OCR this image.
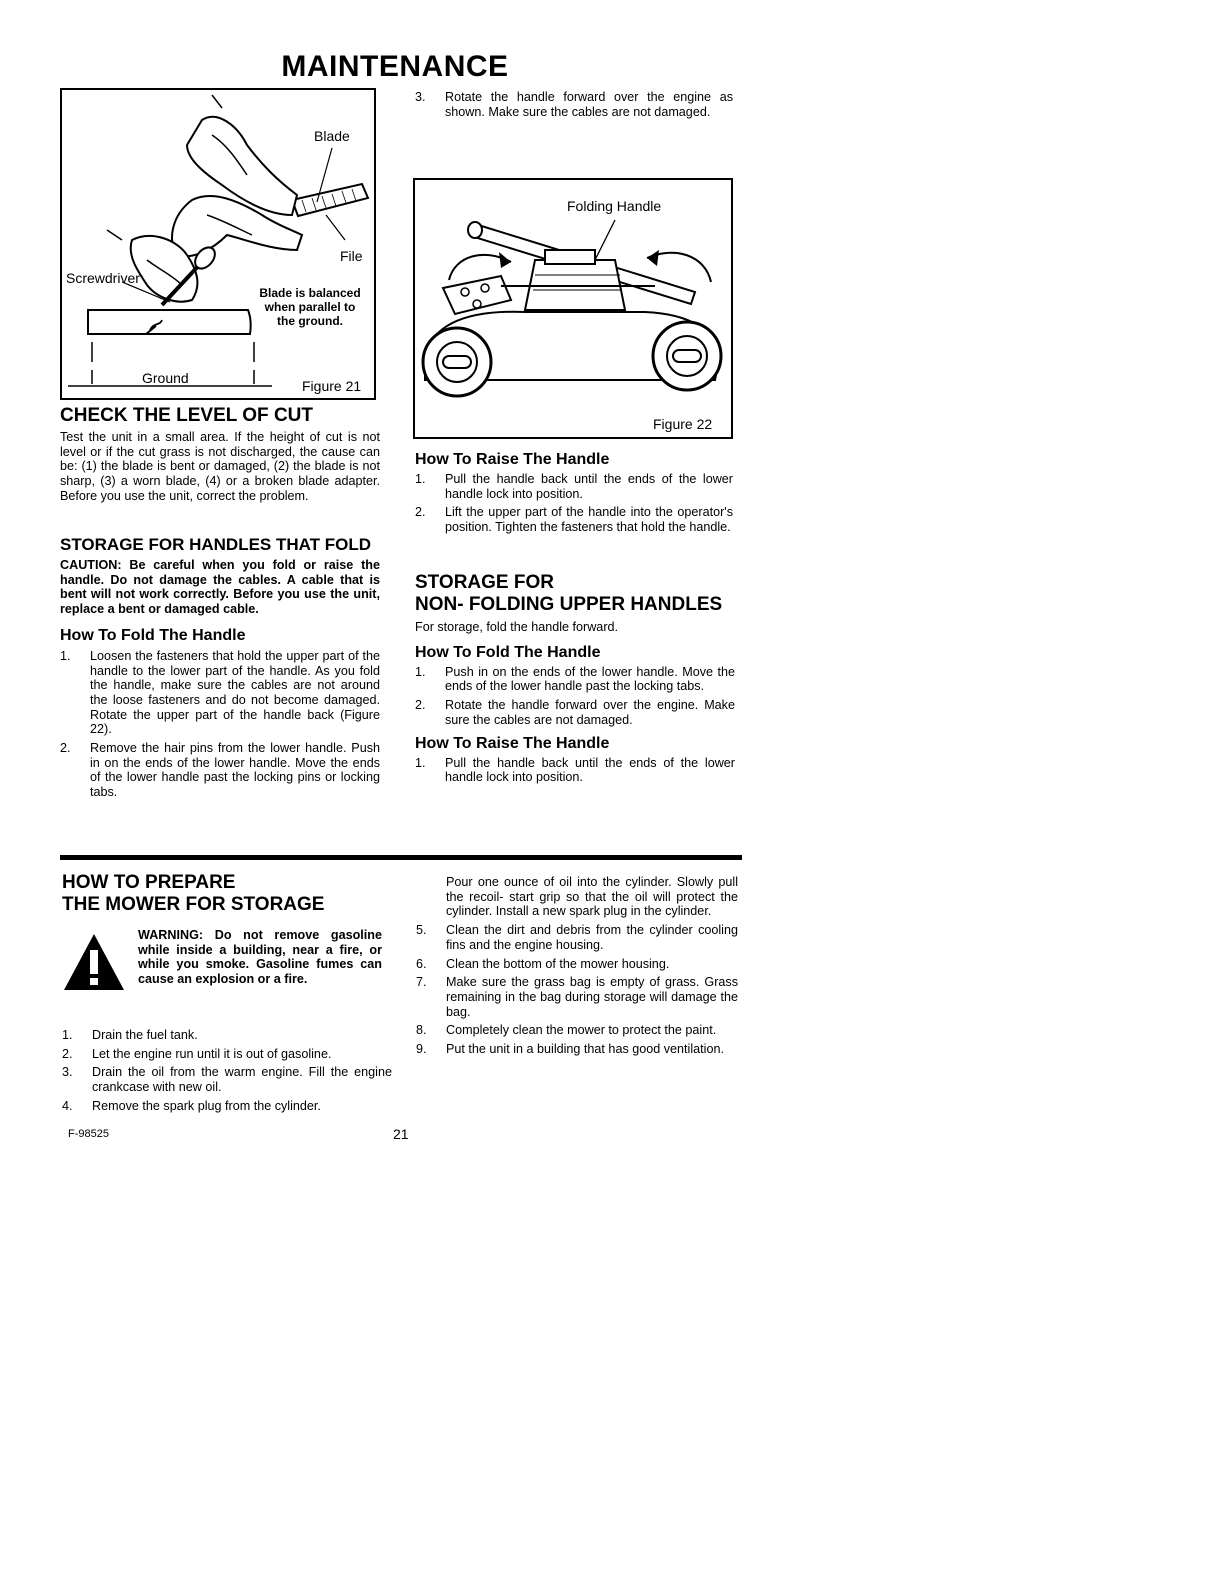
MAINTENANCE
Blade
File
Screwdriver
Blade is balanced when parallel to the ground.
Ground	Figure 21
CHECK THE LEVEL OF CUT

Test the unit in a small area. If the height of cut is not level or if the cut grass is not discharged, the cause can be: (1) the blade is bent or damaged, (2) the blade is not sharp, (3) a worn blade, (4) or a broken blade adapter. Before you use the unit, correct the problem.

STORAGE FOR HANDLES THAT FOLD

CAUTION: Be careful when you fold or raise the handle. Do not damage the cables. A cable that is bent will not work correctly. Before you use the unit, replace a bent or damaged cable.

How To Fold The Handle
1. Loosen the fasteners that hold the upper part of the handle to the lower part of the handle. As you fold the handle, make sure the cables are not around the loose fasteners and do not become damaged. Rotate the upper part of the handle back (Figure 22).
2. Remove the hair pins from the lower handle. Push in on the ends of the lower handle. Move the ends of the lower handle past the locking pins or locking tabs.
3. Rotate the handle forward over the engine as shown. Make sure the cables are not damaged.
Folding Handle
Figure 22
How To Raise The Handle
1. Pull the handle back until the ends of the lower handle lock into position.
2. Lift the upper part of the handle into the operator's position. Tighten the fasteners that hold the handle.
STORAGE FOR
NON- FOLDING UPPER HANDLES

For storage, fold the handle forward.

How To Fold The Handle
1. Push in on the ends of the lower handle. Move the ends of the lower handle past the locking tabs.
2. Rotate the handle forward over the engine. Make sure the cables are not damaged.
How To Raise The Handle
1. Pull the handle back until the ends of the lower handle lock into position.
HOW TO PREPARE
THE MOWER FOR STORAGE

WARNING: Do not remove gasoline while inside a building, near a fire, or while you smoke. Gasoline fumes can cause an explosion or a fire.

1. Drain the fuel tank.
2. Let the engine run until it is out of gasoline.
3. Drain the oil from the warm engine. Fill the engine crankcase with new oil.
4. Remove the spark plug from the cylinder.
F-98525	21

Pour one ounce of oil into the cylinder. Slowly pull the recoil- start grip so that the oil will protect the cylinder. Install a new spark plug in the cylinder.

5. Clean the dirt and debris from the cylinder cooling fins and the engine housing.
6. Clean the bottom of the mower housing.
7. Make sure the grass bag is empty of grass. Grass remaining in the bag during storage will damage the bag.
8. Completely clean the mower to protect the paint.
9. Put the unit in a building that has good ventilation.
